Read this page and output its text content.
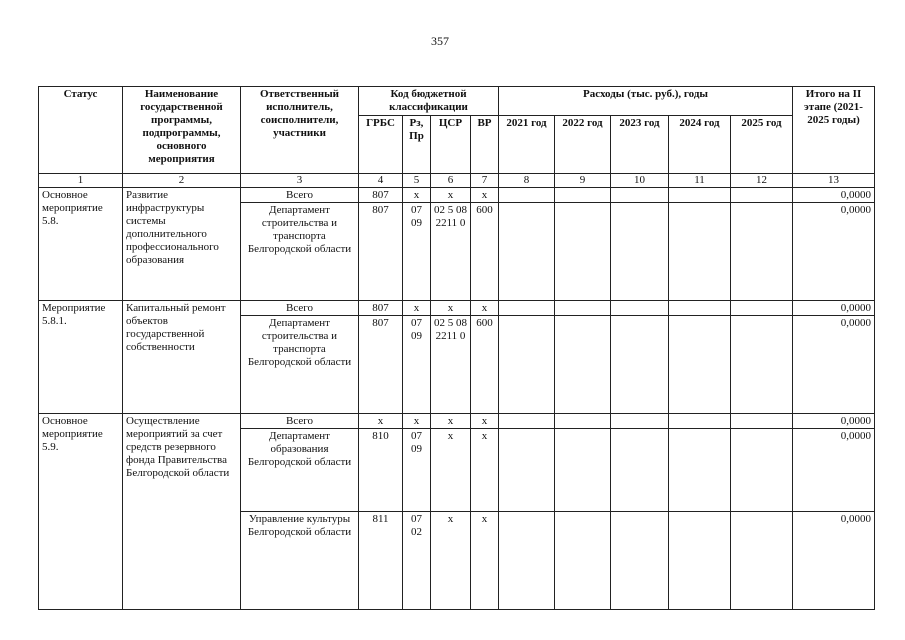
357
Статус	Наименование государственной программы, подпрограммы, основного мероприятия	Ответственный исполнитель, соисполнители, участники	Код бюджетной классификации				Расходы (тыс. руб.), годы					Итого на II этапе (2021-2025 годы)
			ГРБС	Рз, Пр	ЦСР	ВР	2021 год	2022 год	2023 год	2024 год	2025 год	
1	2	3	4	5	6	7	8	9	10	11	12	13
Основное мероприятие 5.8.	Развитие инфраструктуры системы дополнительного профессионального образования	Всего	807	х	х	х						0,0000
		Департамент строительства и транспорта Белгородской области	807	07 09	02 5 08 2211 0	600						0,0000
Мероприятие 5.8.1.	Капитальный ремонт объектов государственной собственности	Всего	807	х	х	х						0,0000
		Департамент строительства и транспорта Белгородской области	807	07 09	02 5 08 2211 0	600						0,0000
Основное мероприятие 5.9.	Осуществление мероприятий за счет средств резервного фонда Правительства Белгородской области	Всего	х	х	х	х						0,0000
		Департамент образования Белгородской области	810	07 09	х	х						0,0000
		Управление культуры Белгородской области	811	07 02	х	х						0,0000
